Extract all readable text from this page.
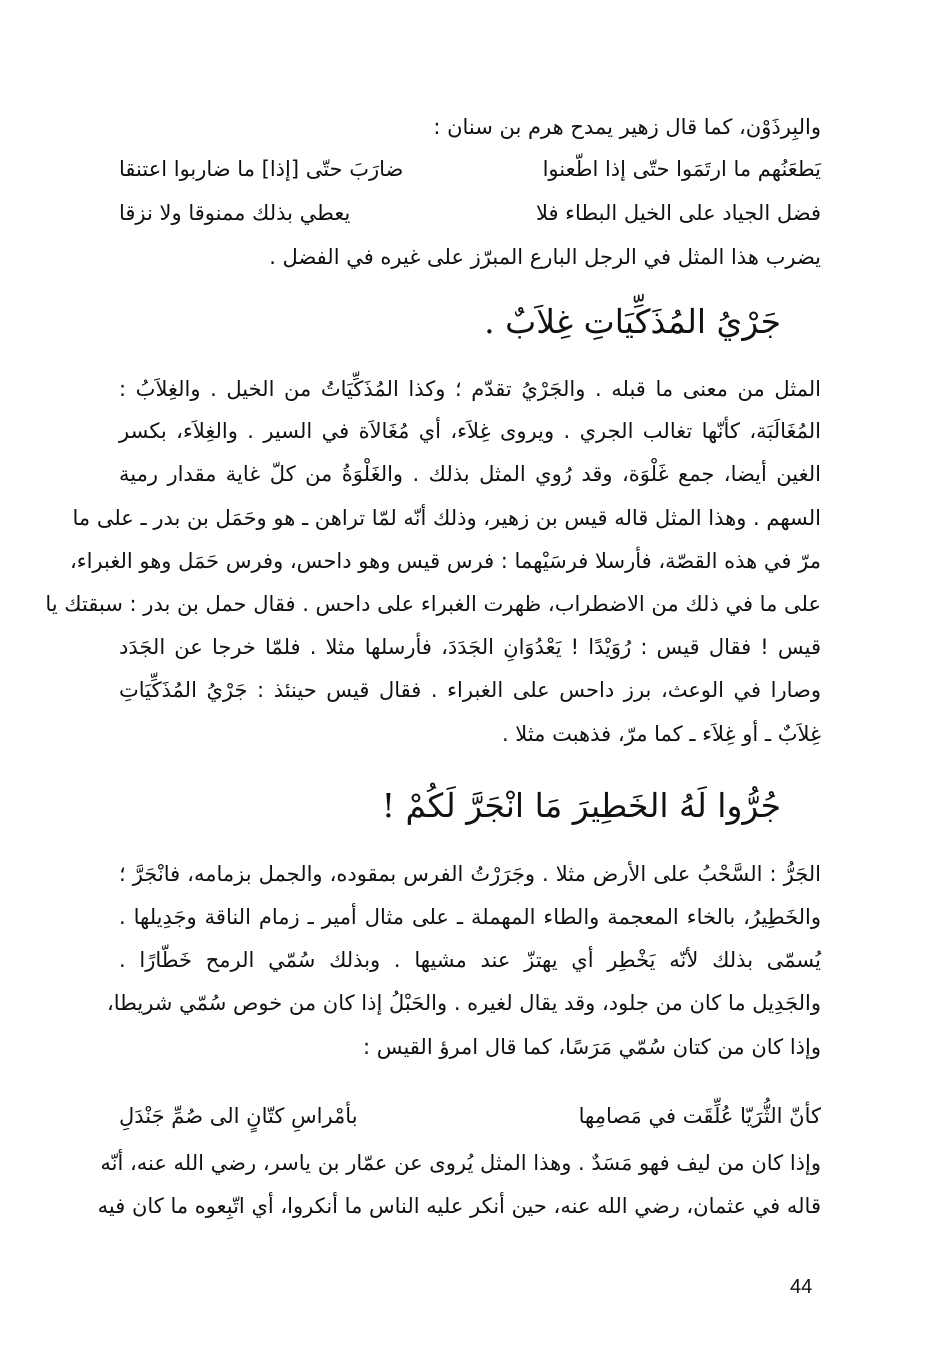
والبِرذَوْن، كما قال زهير يمدح هرم بن سنان :
يَطعَنُهم ما ارتَمَوا حتّى إذا اطّعنوا
ضارَبَ حتّى [إذا] ما ضاربوا اعتنقا
فضل الجياد على الخيل البطاء فلا
يعطي بذلك ممنوقا ولا نزقا
يضرب هذا المثل في الرجل البارع المبرّز على غيره في الفضل .
جَرْيُ المُذَكِّيَاتِ غِلاَبٌ .
المثل من معنى ما قبله . والجَرْيُ تقدّم ؛ وكذا المُذَكِّيَاتُ من الخيل . والغِلاَبُ :
المُغَالَبَة، كأنّها تغالب الجري . ويروى غِلاَء، أي مُغَالاَة في السير . والغِلاَء، بكسر
الغين أيضا، جمع غَلْوَة، وقد رُوي المثل بذلك . والغَلْوَةُ من كلّ غاية مقدار رمية
السهم . وهذا المثل قاله قيس بن زهير، وذلك أنّه لمّا تراهن ـ هو وحَمَل بن بدر ـ على ما
مرّ في هذه القصّة، فأرسلا فرسَيْهما : فرس قيس وهو داحس، وفرس حَمَل وهو الغبراء،
على ما في ذلك من الاضطراب، ظهرت الغبراء على داحس . فقال حمل بن بدر : سبقتك يا
قيس ! فقال قيس : رُوَيْدًا ! يَعْدُوَانِ الجَدَدَ، فأرسلها مثلا . فلمّا خرجا عن الجَدَد
وصارا في الوعث، برز داحس على الغبراء . فقال قيس حينئذ : جَرْيُ المُذَكِّيَاتِ
غِلاَبٌ ـ أو غِلاَء ـ كما مرّ، فذهبت مثلا .
جُرُّوا لَهُ الخَطِيرَ مَا انْجَرَّ لَكُمْ !
الجَرُّ : السَّحْبُ على الأرض مثلا . وجَرَرْتُ الفرس بمقوده، والجمل بزمامه، فانْجَرَّ ؛
والخَطِيرُ، بالخاء المعجمة والطاء المهملة ـ على مثال أمير ـ زمام الناقة وجَدِيلها .
يُسمّى بذلك لأنّه يَخْطِر أي يهتزّ عند مشيها . وبذلك سُمّي الرمح خَطّارًا .
والجَدِيل ما كان من جلود، وقد يقال لغيره . والحَبْلُ إذا كان من خوص سُمّي شريطا،
وإذا كان من كتان سُمّي مَرَسًا، كما قال امرؤ القيس :
كأنّ الثُّرَيّا عُلِّقَت في مَصامِها
بأمْراسِ كتّانٍ الى صُمِّ جَنْدَلِ
وإذا كان من ليف فهو مَسَدٌ . وهذا المثل يُروى عن عمّار بن ياسر، رضي الله عنه، أنّه
قاله في عثمان، رضي الله عنه، حين أنكر عليه الناس ما أنكروا، أي اتّبِعوه ما كان فيه
44
